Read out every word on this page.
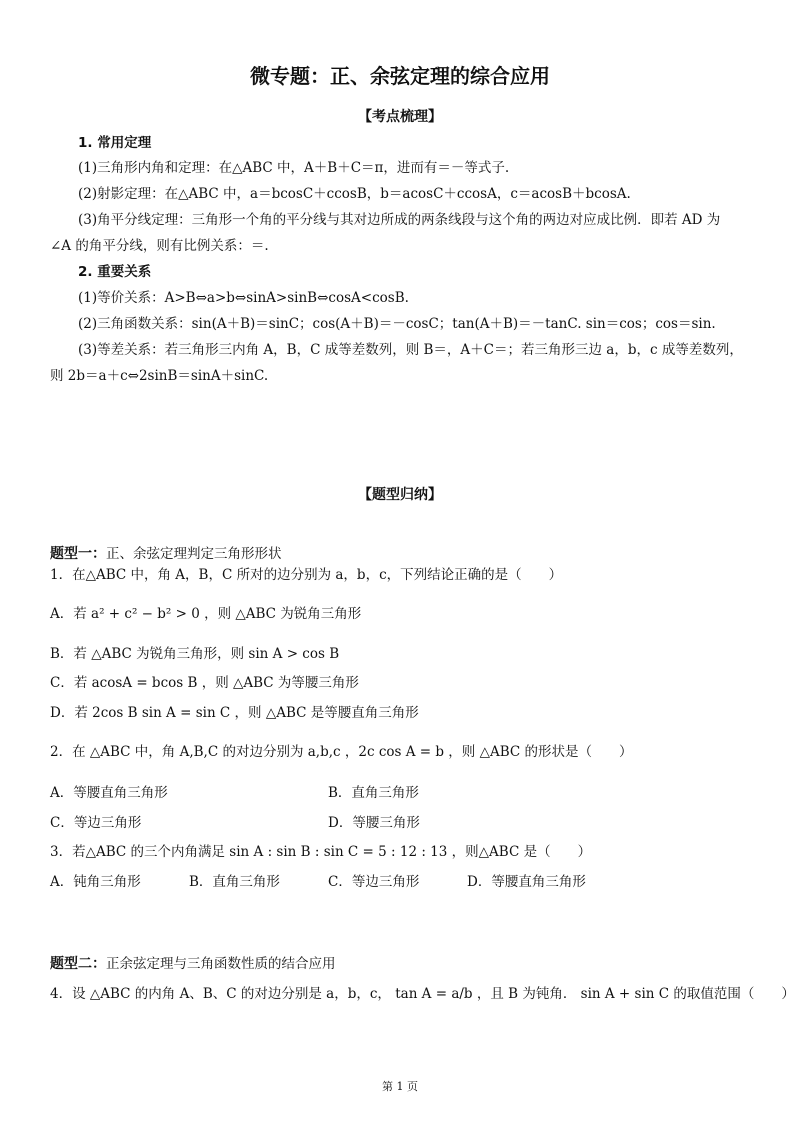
微专题：正、余弦定理的综合应用
【考点梳理】
1. 常用定理
(1)三角形内角和定理：在△ABC 中，A＋B＋C＝π，进而有＝－等式子.
(2)射影定理：在△ABC 中，a＝bcosC＋ccosB，b＝acosC＋ccosA，c＝acosB＋bcosA.
(3)角平分线定理：三角形一个角的平分线与其对边所成的两条线段与这个角的两边对应成比例．即若 AD 为
∠A 的角平分线，则有比例关系：＝.
2. 重要关系
(1)等价关系：A>B⇔a>b⇔sinA>sinB⇔cosA<cosB.
(2)三角函数关系：sin(A＋B)＝sinC；cos(A＋B)＝－cosC；tan(A＋B)＝－tanC. sin＝cos；cos＝sin.
(3)等差关系：若三角形三内角 A，B，C 成等差数列，则 B＝，A＋C＝；若三角形三边 a，b，c 成等差数列，
则 2b＝a＋c⇔2sinB＝sinA＋sinC.
【题型归纳】
题型一：正、余弦定理判定三角形形状
1．在△ABC 中，角 A，B，C 所对的边分别为 a，b，c，下列结论正确的是（　　）
A．若 a² + c² − b² > 0 ，则 △ABC 为锐角三角形
B．若 △ABC 为锐角三角形，则 sin A > cos B
C．若 acosA = bcos B ，则 △ABC 为等腰三角形
D．若 2cos B sin A = sin C ，则 △ABC 是等腰直角三角形
2．在 △ABC 中，角 A,B,C 的对边分别为 a,b,c ，2c cos A = b ，则 △ABC 的形状是（　　）
A．等腰直角三角形	B．直角三角形
C．等边三角形	D．等腰三角形
3．若△ABC 的三个内角满足 sin A : sin B : sin C = 5 : 12 : 13 ，则△ABC 是（　　）
A．钝角三角形	B．直角三角形	C．等边三角形	D．等腰直角三角形
题型二：正余弦定理与三角函数性质的结合应用
4．设 △ABC 的内角 A、B、C 的对边分别是 a，b，c， tan A = a/b ，且 B 为钝角． sin A + sin C 的取值范围（　　）
第 1 页
